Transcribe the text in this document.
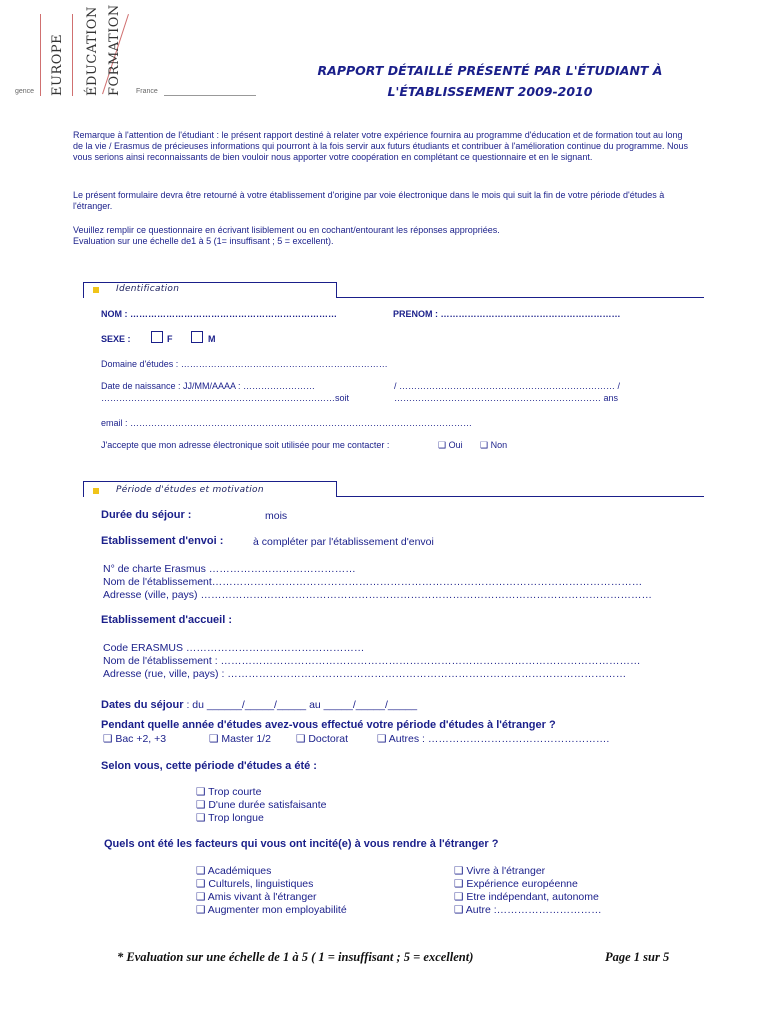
EUROPE ÉDUCATION FORMATION
gence	France
RAPPORT DÉTAILLÉ PRÉSENTÉ PAR L'ÉTUDIANT À
L'ÉTABLISSEMENT 2009-2010
Remarque à l'attention de l'étudiant : le présent rapport destiné à relater votre expérience fournira au programme d'éducation et de formation tout au long de la vie / Erasmus de précieuses informations qui pourront à la fois servir aux futurs étudiants et contribuer à l'amélioration continue du programme. Nous vous serions ainsi reconnaissants de bien vouloir nous apporter votre coopération en complétant ce questionnaire et en le signant.
Le présent formulaire devra être retourné à votre établissement d'origine par voie électronique dans le mois qui suit la fin de votre période d'études à l'étranger.
Veuillez remplir ce questionnaire en écrivant lisiblement ou en cochant/entourant les réponses appropriées.
Evaluation sur une échelle de1 à 5 (1= insuffisant ; 5 = excellent).
Identification
NOM : ……………………………………………………………	PRENOM : ……………………………………………………
SEXE :	F	M
Domaine d'études : ……………………………………………………………
Date de naissance : JJ/MM/AAAA : ……………………	/ ……………………………………………………………… /
……………………………………………………………………soit	…………………………………………………………… ans
email : ……………………………………………………………………………………………………
J'accepte que mon adresse électronique soit utilisée pour me contacter :	❑ Oui ❑ Non
Période d'études et motivation
Durée du séjour :	mois
Etablissement d'envoi :	à compléter par l'établissement d'envoi
N° de charte Erasmus ……………………………………
Nom de l'établissement……………………………………………………………………………………………………………
Adresse (ville, pays) …………………………………………………………………………………………………………………
Etablissement d'accueil :
Code ERASMUS ……………………………………………
Nom de l'établissement : …………………………………………………………………………………………………………
Adresse (rue, ville, pays) : ……………………………………………………………………………………………………
Dates du séjour : du ______/_____/_____ au _____/_____/_____
Pendant quelle année d'études avez-vous effectué votre période d'études à l'étranger ?
❑ Bac +2, +3	❑ Master 1/2 ❑ Doctorat	❑ Autres : …………………………………………….
Selon vous, cette période d'études a été :
❑ Trop courte
❑ D'une durée satisfaisante
❑ Trop longue
Quels ont été les facteurs qui vous ont incité(e) à vous rendre à l'étranger ?
❑ Académiques
❑ Culturels, linguistiques
❑ Amis vivant à l'étranger
❑ Augmenter mon employabilité
❑ Vivre à l'étranger
❑ Expérience européenne
❑ Etre indépendant, autonome
❑ Autre :…………………………
* Evaluation sur une échelle de 1 à 5 ( 1 = insuffisant ; 5 = excellent)	Page 1 sur 5
